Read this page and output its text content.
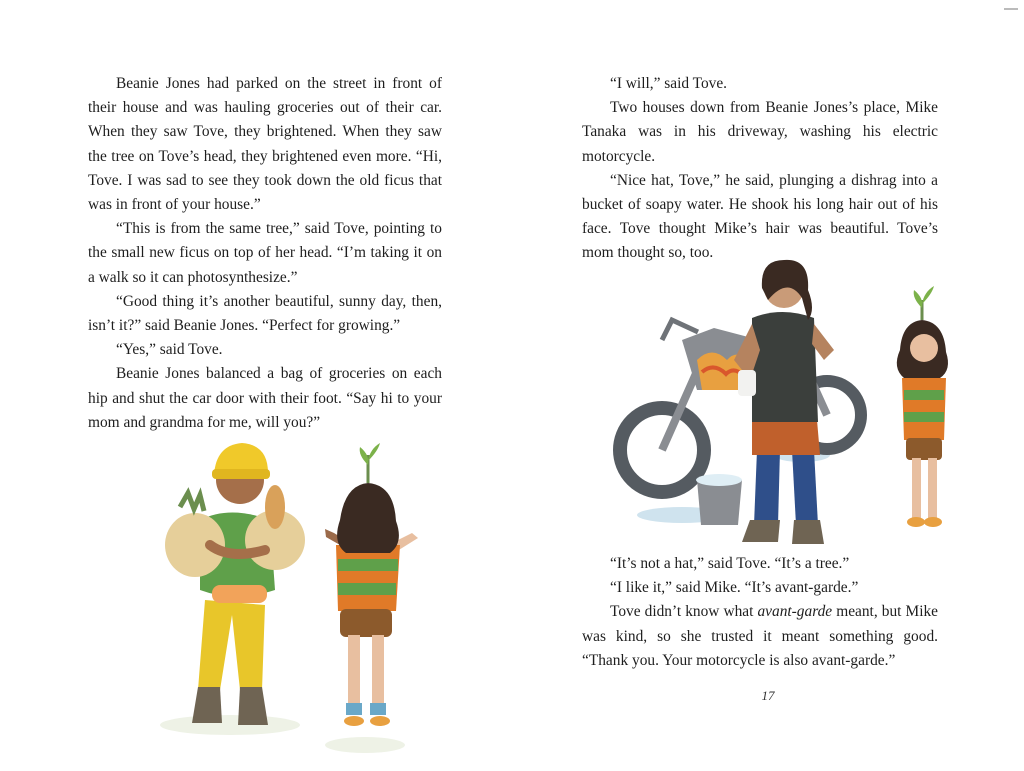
Beanie Jones had parked on the street in front of their house and was hauling groceries out of their car. When they saw Tove, they brightened. When they saw the tree on Tove’s head, they brightened even more. “Hi, Tove. I was sad to see they took down the old ficus that was in front of your house.”

“This is from the same tree,” said Tove, pointing to the small new ficus on top of her head. “I’m taking it on a walk so it can photosynthesize.”

“Good thing it’s another beautiful, sunny day, then, isn’t it?” said Beanie Jones. “Perfect for growing.”

“Yes,” said Tove.

Beanie Jones balanced a bag of groceries on each hip and shut the car door with their foot. “Say hi to your mom and grandma for me, will you?”

“I will,” said Tove.

Two houses down from Beanie Jones’s place, Mike Tanaka was in his driveway, washing his electric motorcycle.

“Nice hat, Tove,” he said, plunging a dishrag into a bucket of soapy water. He shook his long hair out of his face. Tove thought Mike’s hair was beautiful. Tove’s mom thought so, too.

“It’s not a hat,” said Tove. “It’s a tree.”

“I like it,” said Mike. “It’s avant-garde.”

Tove didn’t know what avant-garde meant, but Mike was kind, so she trusted it meant something good. “Thank you. Your motorcycle is also avant-garde.”

17
